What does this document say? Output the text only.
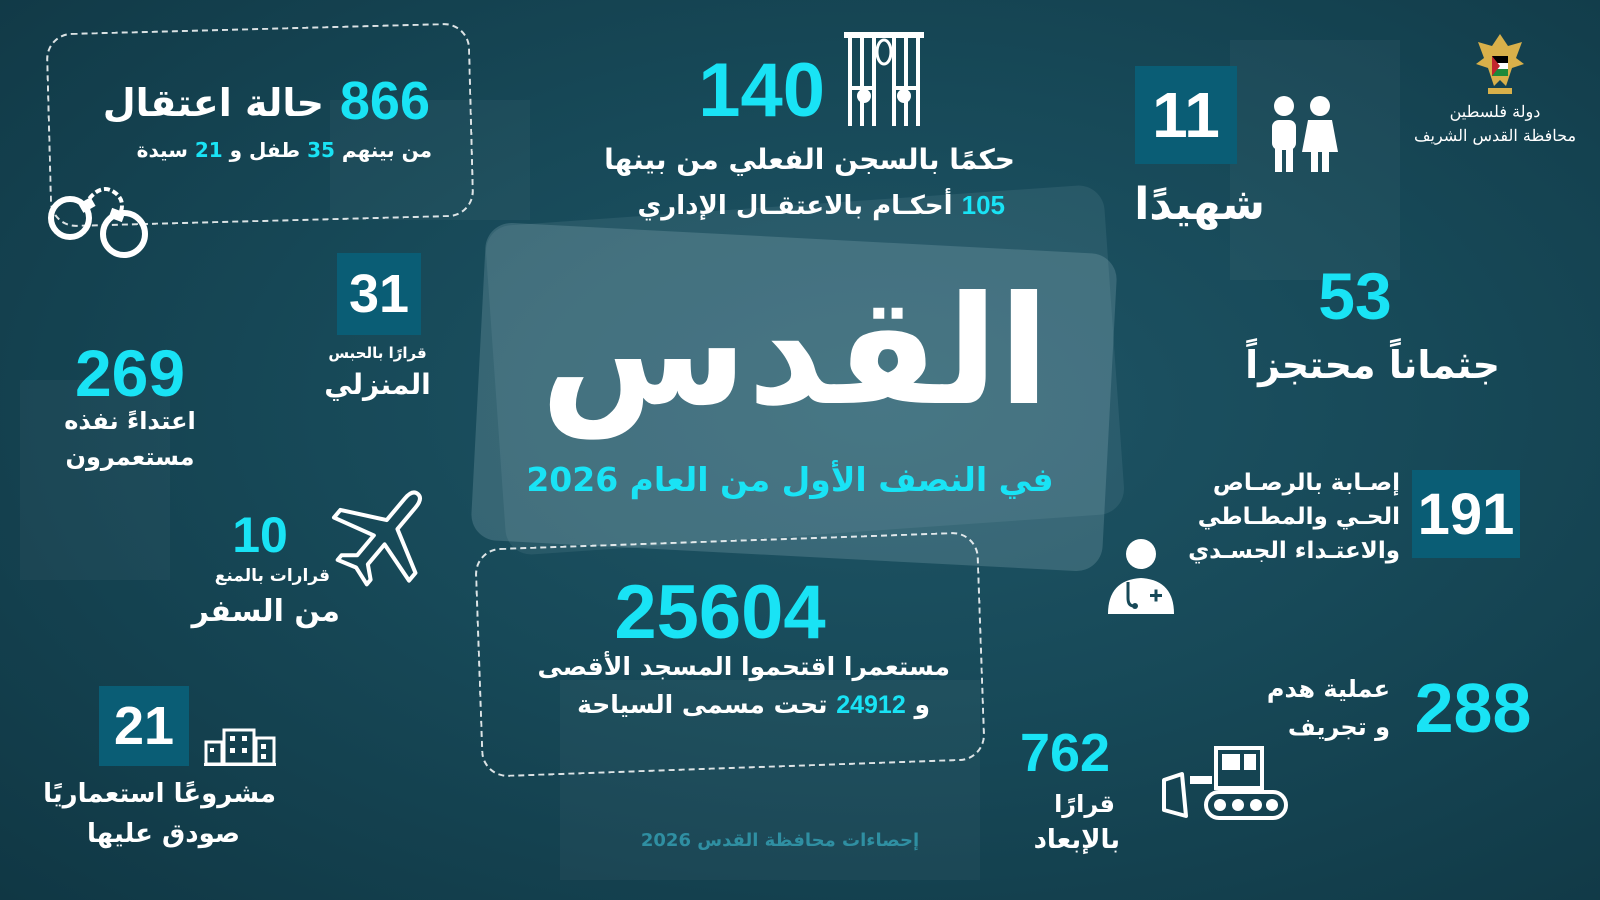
القدس
في النصف الأول من العام 2026
دولة فلسطين
محافظة القدس الشريف
866
حالة اعتقال
من بينهم 35 طفل و 21 سيدة
140
حكمًا بالسجن الفعلي من بينها
105 أحكـام بالاعتقـال الإداري
11
شهيدًا
53
جثماناً محتجزاً
31
قرارًا بالحبس
المنزلي
269
اعتداءً نفذه
مستعمرون
10
قرارات بالمنع
من السفر
191
إصـابة بالرصـاص
الحـي والمطـاطي
والاعتـداء الجسـدي
25604
مستعمرا اقتحموا المسجد الأقصى
و 24912 تحت مسمى السياحة	288
عملية هدم
و تجريف
762
قرارًا
بالإبعاد
21
مشروعًا استعماريًا
صودق عليها	إحصاءات محافظة القدس 2026
